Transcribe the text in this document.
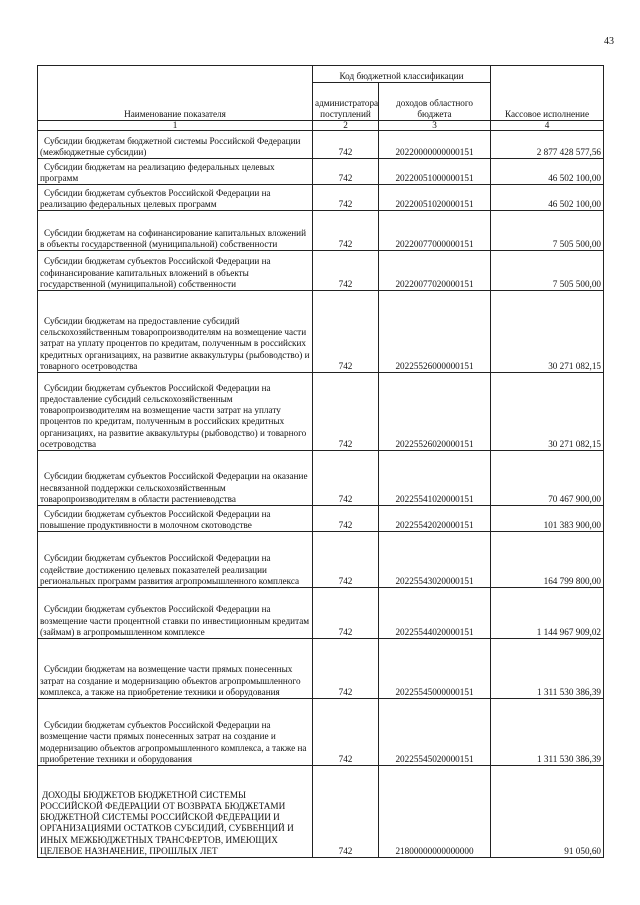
43
Наименование показателя	Код бюджетной классификации		Кассовое исполнение
	администратора поступлений	доходов областного бюджета	
1	2	3	4
Субсидии бюджетам бюджетной системы Российской Федерации (межбюджетные субсидии)	742	20220000000000151	2 877 428 577,56
Субсидии бюджетам на реализацию федеральных целевых программ	742	20220051000000151	46 502 100,00
Субсидии бюджетам субъектов Российской Федерации на реализацию федеральных целевых программ	742	20220051020000151	46 502 100,00
Субсидии бюджетам на софинансирование капитальных вложений в объекты государственной (муниципальной) собственности	742	20220077000000151	7 505 500,00
Субсидии бюджетам субъектов Российской Федерации на софинансирование капитальных вложений в объекты государственной (муниципальной) собственности	742	20220077020000151	7 505 500,00
Субсидии бюджетам на предоставление субсидий сельскохозяйственным товаропроизводителям на возмещение части затрат на уплату процентов по кредитам, полученным в российских кредитных организациях, на развитие аквакультуры (рыбоводство) и товарного осетроводства	742	20225526000000151	30 271 082,15
Субсидии бюджетам субъектов Российской Федерации на предоставление субсидий сельскохозяйственным товаропроизводителям на возмещение части затрат на уплату процентов по кредитам, полученным в российских кредитных организациях, на развитие аквакультуры (рыбоводство) и товарного осетроводства	742	20225526020000151	30 271 082,15
Субсидии бюджетам субъектов Российской Федерации на оказание несвязанной поддержки сельскохозяйственным товаропроизводителям в области растениеводства	742	20225541020000151	70 467 900,00
Субсидии бюджетам субъектов Российской Федерации на повышение продуктивности в молочном скотоводстве	742	20225542020000151	101 383 900,00
Субсидии бюджетам субъектов Российской Федерации на содействие достижению целевых показателей реализации региональных программ развития агропромышленного комплекса	742	20225543020000151	164 799 800,00
Субсидии бюджетам субъектов Российской Федерации на возмещение части процентной ставки по инвестиционным кредитам (займам) в агропромышленном комплексе	742	20225544020000151	1 144 967 909,02
Субсидии бюджетам на возмещение части прямых понесенных затрат на создание и модернизацию объектов агропромышленного комплекса, а также на приобретение техники и оборудования	742	20225545000000151	1 311 530 386,39
Субсидии бюджетам субъектов Российской Федерации на возмещение части прямых понесенных затрат на создание и модернизацию объектов агропромышленного комплекса, а также на приобретение техники и оборудования	742	20225545020000151	1 311 530 386,39
ДОХОДЫ БЮДЖЕТОВ БЮДЖЕТНОЙ СИСТЕМЫ РОССИЙСКОЙ ФЕДЕРАЦИИ ОТ ВОЗВРАТА БЮДЖЕТАМИ БЮДЖЕТНОЙ СИСТЕМЫ РОССИЙСКОЙ ФЕДЕРАЦИИ И ОРГАНИЗАЦИЯМИ ОСТАТКОВ СУБСИДИЙ, СУБВЕНЦИЙ И ИНЫХ МЕЖБЮДЖЕТНЫХ ТРАНСФЕРТОВ, ИМЕЮЩИХ ЦЕЛЕВОЕ НАЗНАЧЕНИЕ, ПРОШЛЫХ ЛЕТ	742	21800000000000000	91 050,60
